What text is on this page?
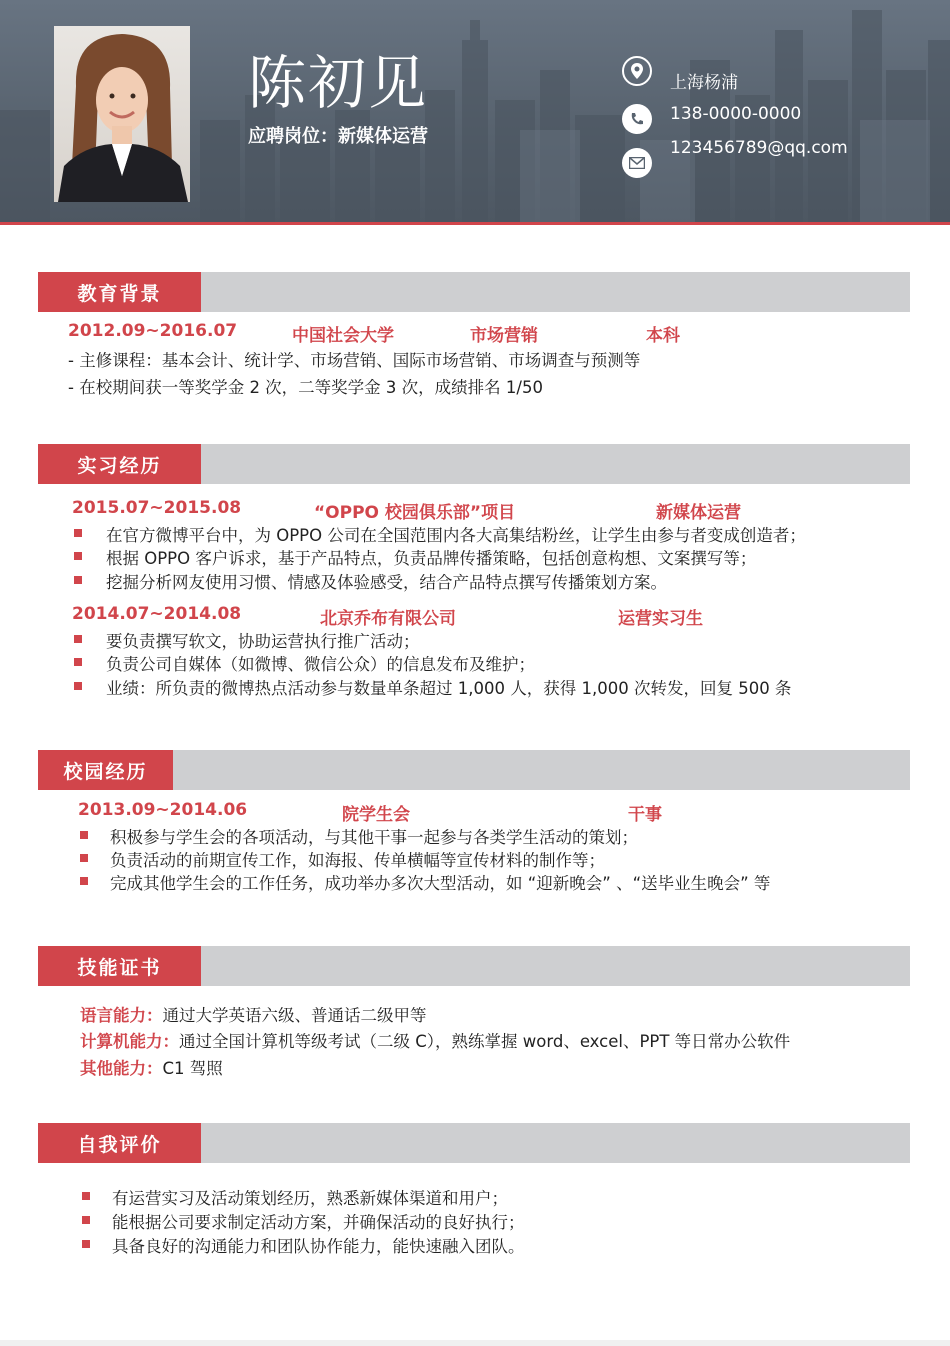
陈初见
应聘岗位：新媒体运营
上海杨浦
138-0000-0000
123456789@qq.com
教育背景
2012.09~2016.07	中国社会大学	市场营销	本科
- 主修课程：基本会计、统计学、市场营销、国际市场营销、市场调查与预测等
- 在校期间获一等奖学金 2 次，二等奖学金 3 次，成绩排名 1/50
实习经历
2015.07~2015.08	“OPPO 校园俱乐部”项目	新媒体运营
在官方微博平台中，为 OPPO 公司在全国范围内各大高集结粉丝，让学生由参与者变成创造者；
根据 OPPO 客户诉求，基于产品特点，负责品牌传播策略，包括创意构想、文案撰写等；
挖掘分析网友使用习惯、情感及体验感受，结合产品特点撰写传播策划方案。
2014.07~2014.08	北京乔布有限公司	运营实习生
要负责撰写软文，协助运营执行推广活动；
负责公司自媒体（如微博、微信公众）的信息发布及维护；
业绩：所负责的微博热点活动参与数量单条超过 1,000 人，获得 1,000 次转发，回复 500 条
校园经历
2013.09~2014.06	院学生会	干事
积极参与学生会的各项活动，与其他干事一起参与各类学生活动的策划；
负责活动的前期宣传工作，如海报、传单横幅等宣传材料的制作等；
完成其他学生会的工作任务，成功举办多次大型活动，如 “迎新晚会” 、“送毕业生晚会” 等
技能证书
语言能力：通过大学英语六级、普通话二级甲等
计算机能力：通过全国计算机等级考试（二级 C），熟练掌握 word、excel、PPT 等日常办公软件
其他能力：C1 驾照
自我评价
有运营实习及活动策划经历，熟悉新媒体渠道和用户；
能根据公司要求制定活动方案，并确保活动的良好执行；
具备良好的沟通能力和团队协作能力，能快速融入团队。
